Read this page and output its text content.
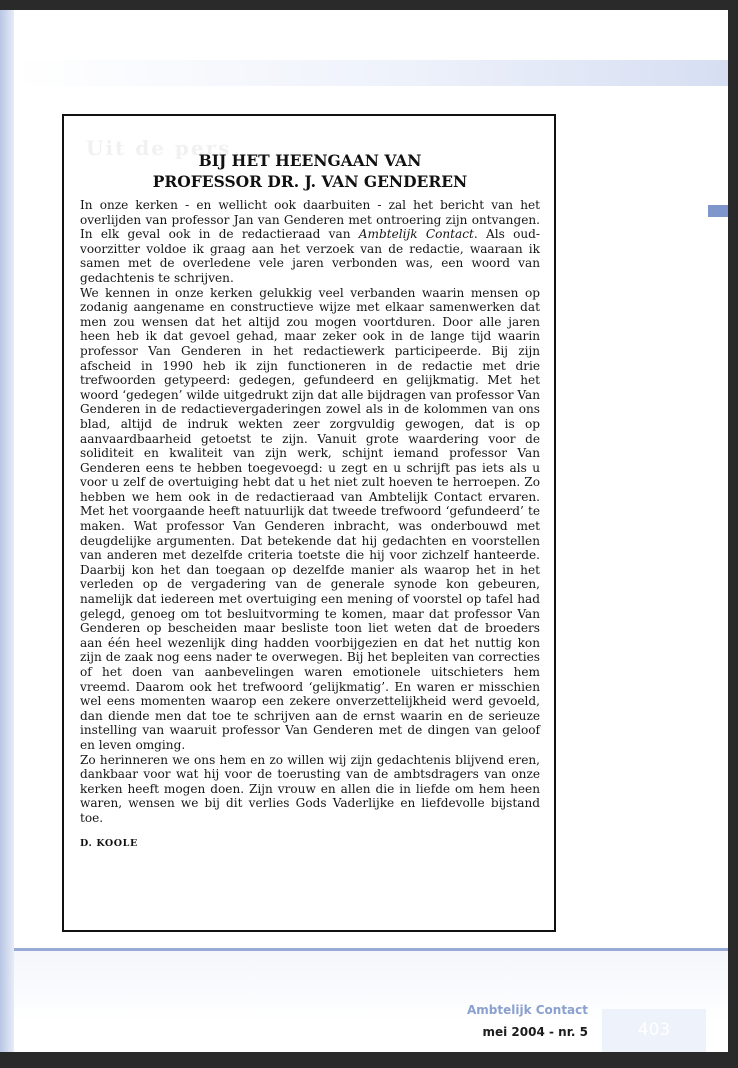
Uit de pers
BIJ HET HEENGAAN VAN
PROFESSOR DR. J. VAN GENDEREN

In onze kerken - en wellicht ook daarbuiten - zal het bericht van het overlijden van professor Jan van Genderen met ontroering zijn ontvangen. In elk geval ook in de redactieraad van Ambtelijk Contact. Als oud-voorzitter voldoe ik graag aan het verzoek van de redactie, waaraan ik samen met de overledene vele jaren verbonden was, een woord van gedachtenis te schrijven.

We kennen in onze kerken gelukkig veel verbanden waarin mensen op zodanig aangename en constructieve wijze met elkaar samenwerken dat men zou wensen dat het altijd zou mogen voortduren. Door alle jaren heen heb ik dat gevoel gehad, maar zeker ook in de lange tijd waarin professor Van Genderen in het redactiewerk participeerde. Bij zijn afscheid in 1990 heb ik zijn functioneren in de redactie met drie trefwoorden getypeerd: gedegen, gefundeerd en gelijkmatig. Met het woord ‘gedegen’ wilde uitgedrukt zijn dat alle bijdragen van professor Van Genderen in de redactievergaderingen zowel als in de kolommen van ons blad, altijd de indruk wekten zeer zorgvuldig gewogen, dat is op aanvaardbaarheid getoetst te zijn. Vanuit grote waardering voor de soliditeit en kwaliteit van zijn werk, schijnt iemand professor Van Genderen eens te hebben toegevoegd: u zegt en u schrijft pas iets als u voor u zelf de overtuiging hebt dat u het niet zult hoeven te herroepen. Zo hebben we hem ook in de redactieraad van Ambtelijk Contact ervaren. Met het voorgaande heeft natuurlijk dat tweede trefwoord ‘gefundeerd’ te maken. Wat professor Van Genderen inbracht, was onderbouwd met deugdelijke argumenten. Dat betekende dat hij gedachten en voorstellen van anderen met dezelfde criteria toetste die hij voor zichzelf hanteerde. Daarbij kon het dan toegaan op dezelfde manier als waarop het in het verleden op de vergadering van de generale synode kon gebeuren, namelijk dat iedereen met overtuiging een mening of voorstel op tafel had gelegd, genoeg om tot besluitvorming te komen, maar dat professor Van Genderen op bescheiden maar besliste toon liet weten dat de broeders aan één heel wezenlijk ding hadden voorbijgezien en dat het nuttig kon zijn de zaak nog eens nader te overwegen. Bij het bepleiten van correcties of het doen van aanbevelingen waren emotionele uitschieters hem vreemd. Daarom ook het trefwoord ‘gelijkmatig’. En waren er misschien wel eens momenten waarop een zekere onverzettelijkheid werd gevoeld, dan diende men dat toe te schrijven aan de ernst waarin en de serieuze instelling van waaruit professor Van Genderen met de dingen van geloof en leven omging.

Zo herinneren we ons hem en zo willen wij zijn gedachtenis blijvend eren, dankbaar voor wat hij voor de toerusting van de ambtsdragers van onze kerken heeft mogen doen. Zijn vrouw en allen die in liefde om hem heen waren, wensen we bij dit verlies Gods Vaderlijke en liefdevolle bijstand toe.

D. KOOLE
Ambtelijk Contact
mei 2004 - nr. 5	403
